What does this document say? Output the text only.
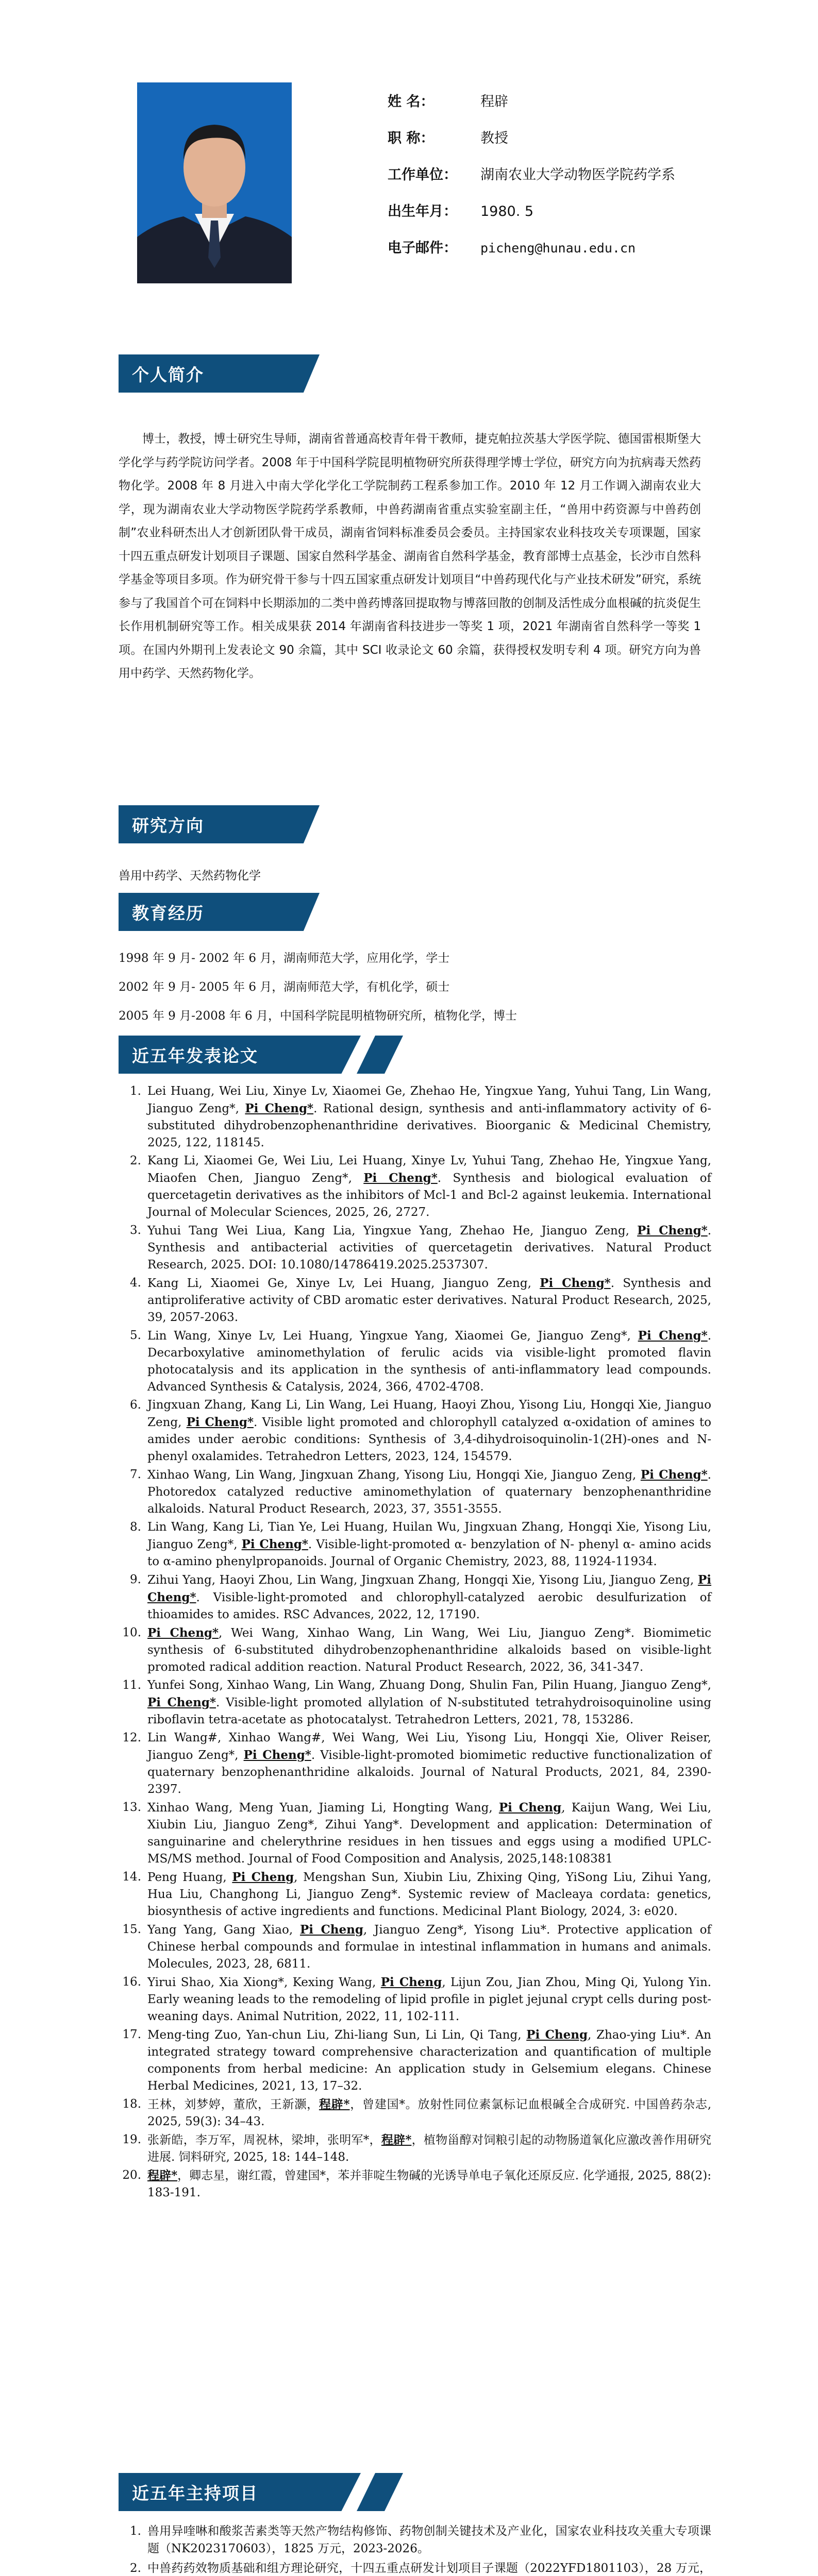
姓 名：	程辟
职 称：	教授
工作单位：	湖南农业大学动物医学院药学系
出生年月：	1980. 5
电子邮件：	picheng@hunau.edu.cn
个人简介

博士，教授，博士研究生导师，湖南省普通高校青年骨干教师，捷克帕拉茨基大学医学院、德国雷根斯堡大学化学与药学院访问学者。2008 年于中国科学院昆明植物研究所获得理学博士学位，研究方向为抗病毒天然药物化学。2008 年 8 月进入中南大学化学化工学院制药工程系参加工作。2010 年 12 月工作调入湖南农业大学，现为湖南农业大学动物医学院药学系教师，中兽药湖南省重点实验室副主任，“兽用中药资源与中兽药创制”农业科研杰出人才创新团队骨干成员，湖南省饲料标准委员会委员。主持国家农业科技攻关专项课题，国家十四五重点研发计划项目子课题、国家自然科学基金、湖南省自然科学基金，教育部博士点基金，长沙市自然科学基金等项目多项。作为研究骨干参与十四五国家重点研发计划项目“中兽药现代化与产业技术研发”研究，系统参与了我国首个可在饲料中长期添加的二类中兽药博落回提取物与博落回散的创制及活性成分血根碱的抗炎促生长作用机制研究等工作。相关成果获 2014 年湖南省科技进步一等奖 1 项，2021 年湖南省自然科学一等奖 1 项。在国内外期刊上发表论文 90 余篇，其中 SCI 收录论文 60 余篇，获得授权发明专利 4 项。研究方向为兽用中药学、天然药物化学。

研究方向

兽用中药学、天然药物化学

教育经历
1998 年 9 月- 2002 年 6 月，湖南师范大学，应用化学，学士
2002 年 9 月- 2005 年 6 月，湖南师范大学，有机化学，硕士
2005 年 9 月-2008 年 6 月，中国科学院昆明植物研究所，植物化学，博士
近五年发表论文
1. Lei Huang, Wei Liu, Xinye Lv, Xiaomei Ge, Zhehao He, Yingxue Yang, Yuhui Tang, Lin Wang, Jianguo Zeng*, Pi Cheng*. Rational design, synthesis and anti-inflammatory activity of 6-substituted dihydrobenzophenanthridine derivatives. Bioorganic & Medicinal Chemistry, 2025, 122, 118145.
2. Kang Li, Xiaomei Ge, Wei Liu, Lei Huang, Xinye Lv, Yuhui Tang, Zhehao He, Yingxue Yang, Miaofen Chen, Jianguo Zeng*, Pi Cheng*. Synthesis and biological evaluation of quercetagetin derivatives as the inhibitors of Mcl-1 and Bcl-2 against leukemia. International Journal of Molecular Sciences, 2025, 26, 2727.
3. Yuhui Tang Wei Liua, Kang Lia, Yingxue Yang, Zhehao He, Jianguo Zeng, Pi Cheng*. Synthesis and antibacterial activities of quercetagetin derivatives. Natural Product Research, 2025. DOI: 10.1080/14786419.2025.2537307.
4. Kang Li, Xiaomei Ge, Xinye Lv, Lei Huang, Jianguo Zeng, Pi Cheng*. Synthesis and antiproliferative activity of CBD aromatic ester derivatives. Natural Product Research, 2025, 39, 2057-2063.
5. Lin Wang, Xinye Lv, Lei Huang, Yingxue Yang, Xiaomei Ge, Jianguo Zeng*, Pi Cheng*. Decarboxylative aminomethylation of ferulic acids via visible-light promoted flavin photocatalysis and its application in the synthesis of anti-inflammatory lead compounds. Advanced Synthesis & Catalysis, 2024, 366, 4702-4708.
6. Jingxuan Zhang, Kang Li, Lin Wang, Lei Huang, Haoyi Zhou, Yisong Liu, Hongqi Xie, Jianguo Zeng, Pi Cheng*. Visible light promoted and chlorophyll catalyzed α-oxidation of amines to amides under aerobic conditions: Synthesis of 3,4-dihydroisoquinolin-1(2H)-ones and N-phenyl oxalamides. Tetrahedron Letters, 2023, 124, 154579.
7. Xinhao Wang, Lin Wang, Jingxuan Zhang, Yisong Liu, Hongqi Xie, Jianguo Zeng, Pi Cheng*. Photoredox catalyzed reductive aminomethylation of quaternary benzophenanthridine alkaloids. Natural Product Research, 2023, 37, 3551-3555.
8. Lin Wang, Kang Li, Tian Ye, Lei Huang, Huilan Wu, Jingxuan Zhang, Hongqi Xie, Yisong Liu, Jianguo Zeng*, Pi Cheng*. Visible-light-promoted α- benzylation of N- phenyl α- amino acids to α-amino phenylpropanoids. Journal of Organic Chemistry, 2023, 88, 11924-11934.
9. Zihui Yang, Haoyi Zhou, Lin Wang, Jingxuan Zhang, Hongqi Xie, Yisong Liu, Jianguo Zeng, Pi Cheng*. Visible-light-promoted and chlorophyll-catalyzed aerobic desulfurization of thioamides to amides. RSC Advances, 2022, 12, 17190.
10. Pi Cheng*, Wei Wang, Xinhao Wang, Lin Wang, Wei Liu, Jianguo Zeng*. Biomimetic synthesis of 6-substituted dihydrobenzophenanthridine alkaloids based on visible-light promoted radical addition reaction. Natural Product Research, 2022, 36, 341-347.
11. Yunfei Song, Xinhao Wang, Lin Wang, Zhuang Dong, Shulin Fan, Pilin Huang, Jianguo Zeng*, Pi Cheng*. Visible-light promoted allylation of N-substituted tetrahydroisoquinoline using riboflavin tetra-acetate as photocatalyst. Tetrahedron Letters, 2021, 78, 153286.
12. Lin Wang#, Xinhao Wang#, Wei Wang, Wei Liu, Yisong Liu, Hongqi Xie, Oliver Reiser, Jianguo Zeng*, Pi Cheng*. Visible-light-promoted biomimetic reductive functionalization of quaternary benzophenanthridine alkaloids. Journal of Natural Products, 2021, 84, 2390-2397.
13. Xinhao Wang, Meng Yuan, Jiaming Li, Hongting Wang, Pi Cheng, Kaijun Wang, Wei Liu, Xiubin Liu, Jianguo Zeng*, Zihui Yang*. Development and application: Determination of sanguinarine and chelerythrine residues in hen tissues and eggs using a modified UPLC-MS/MS method. Journal of Food Composition and Analysis, 2025,148:108381
14. Peng Huang, Pi Cheng, Mengshan Sun, Xiubin Liu, Zhixing Qing, YiSong Liu, Zihui Yang, Hua Liu, Changhong Li, Jianguo Zeng*. Systemic review of Macleaya cordata: genetics, biosynthesis of active ingredients and functions. Medicinal Plant Biology, 2024, 3: e020.
15. Yang Yang, Gang Xiao, Pi Cheng, Jianguo Zeng*, Yisong Liu*. Protective application of Chinese herbal compounds and formulae in intestinal inflammation in humans and animals. Molecules, 2023, 28, 6811.
16. Yirui Shao, Xia Xiong*, Kexing Wang, Pi Cheng, Lijun Zou, Jian Zhou, Ming Qi, Yulong Yin. Early weaning leads to the remodeling of lipid profile in piglet jejunal crypt cells during post-weaning days. Animal Nutrition, 2022, 11, 102-111.
17. Meng-ting Zuo, Yan-chun Liu, Zhi-liang Sun, Li Lin, Qi Tang, Pi Cheng, Zhao-ying Liu*. An integrated strategy toward comprehensive characterization and quantification of multiple components from herbal medicine: An application study in Gelsemium elegans. Chinese Herbal Medicines, 2021, 13, 17–32.
18. 王林，刘梦婷，董欣，王新灏，程辟*，曾建国*。放射性同位素氯标记血根碱全合成研究. 中国兽药杂志, 2025, 59(3): 34–43.
19. 张新皓，李万军，周祝林，梁坤，张明军*，程辟*，植物甾醇对饲粮引起的动物肠道氧化应激改善作用研究进展. 饲料研究, 2025, 18: 144–148.
20. 程辟*，卿志星，谢红霞，曾建国*，苯并菲啶生物碱的光诱导单电子氧化还原反应. 化学通报, 2025, 88(2): 183-191.
近五年主持项目
1. 兽用异喹啉和酸浆苦素类等天然产物结构修饰、药物创制关键技术及产业化，国家农业科技攻关重大专项课题（NK2023170603），1825 万元，2023-2026。
2. 中兽药药效物质基础和组方理论研究，十四五重点研发计划项目子课题（2022YFD1801103），28 万元，
